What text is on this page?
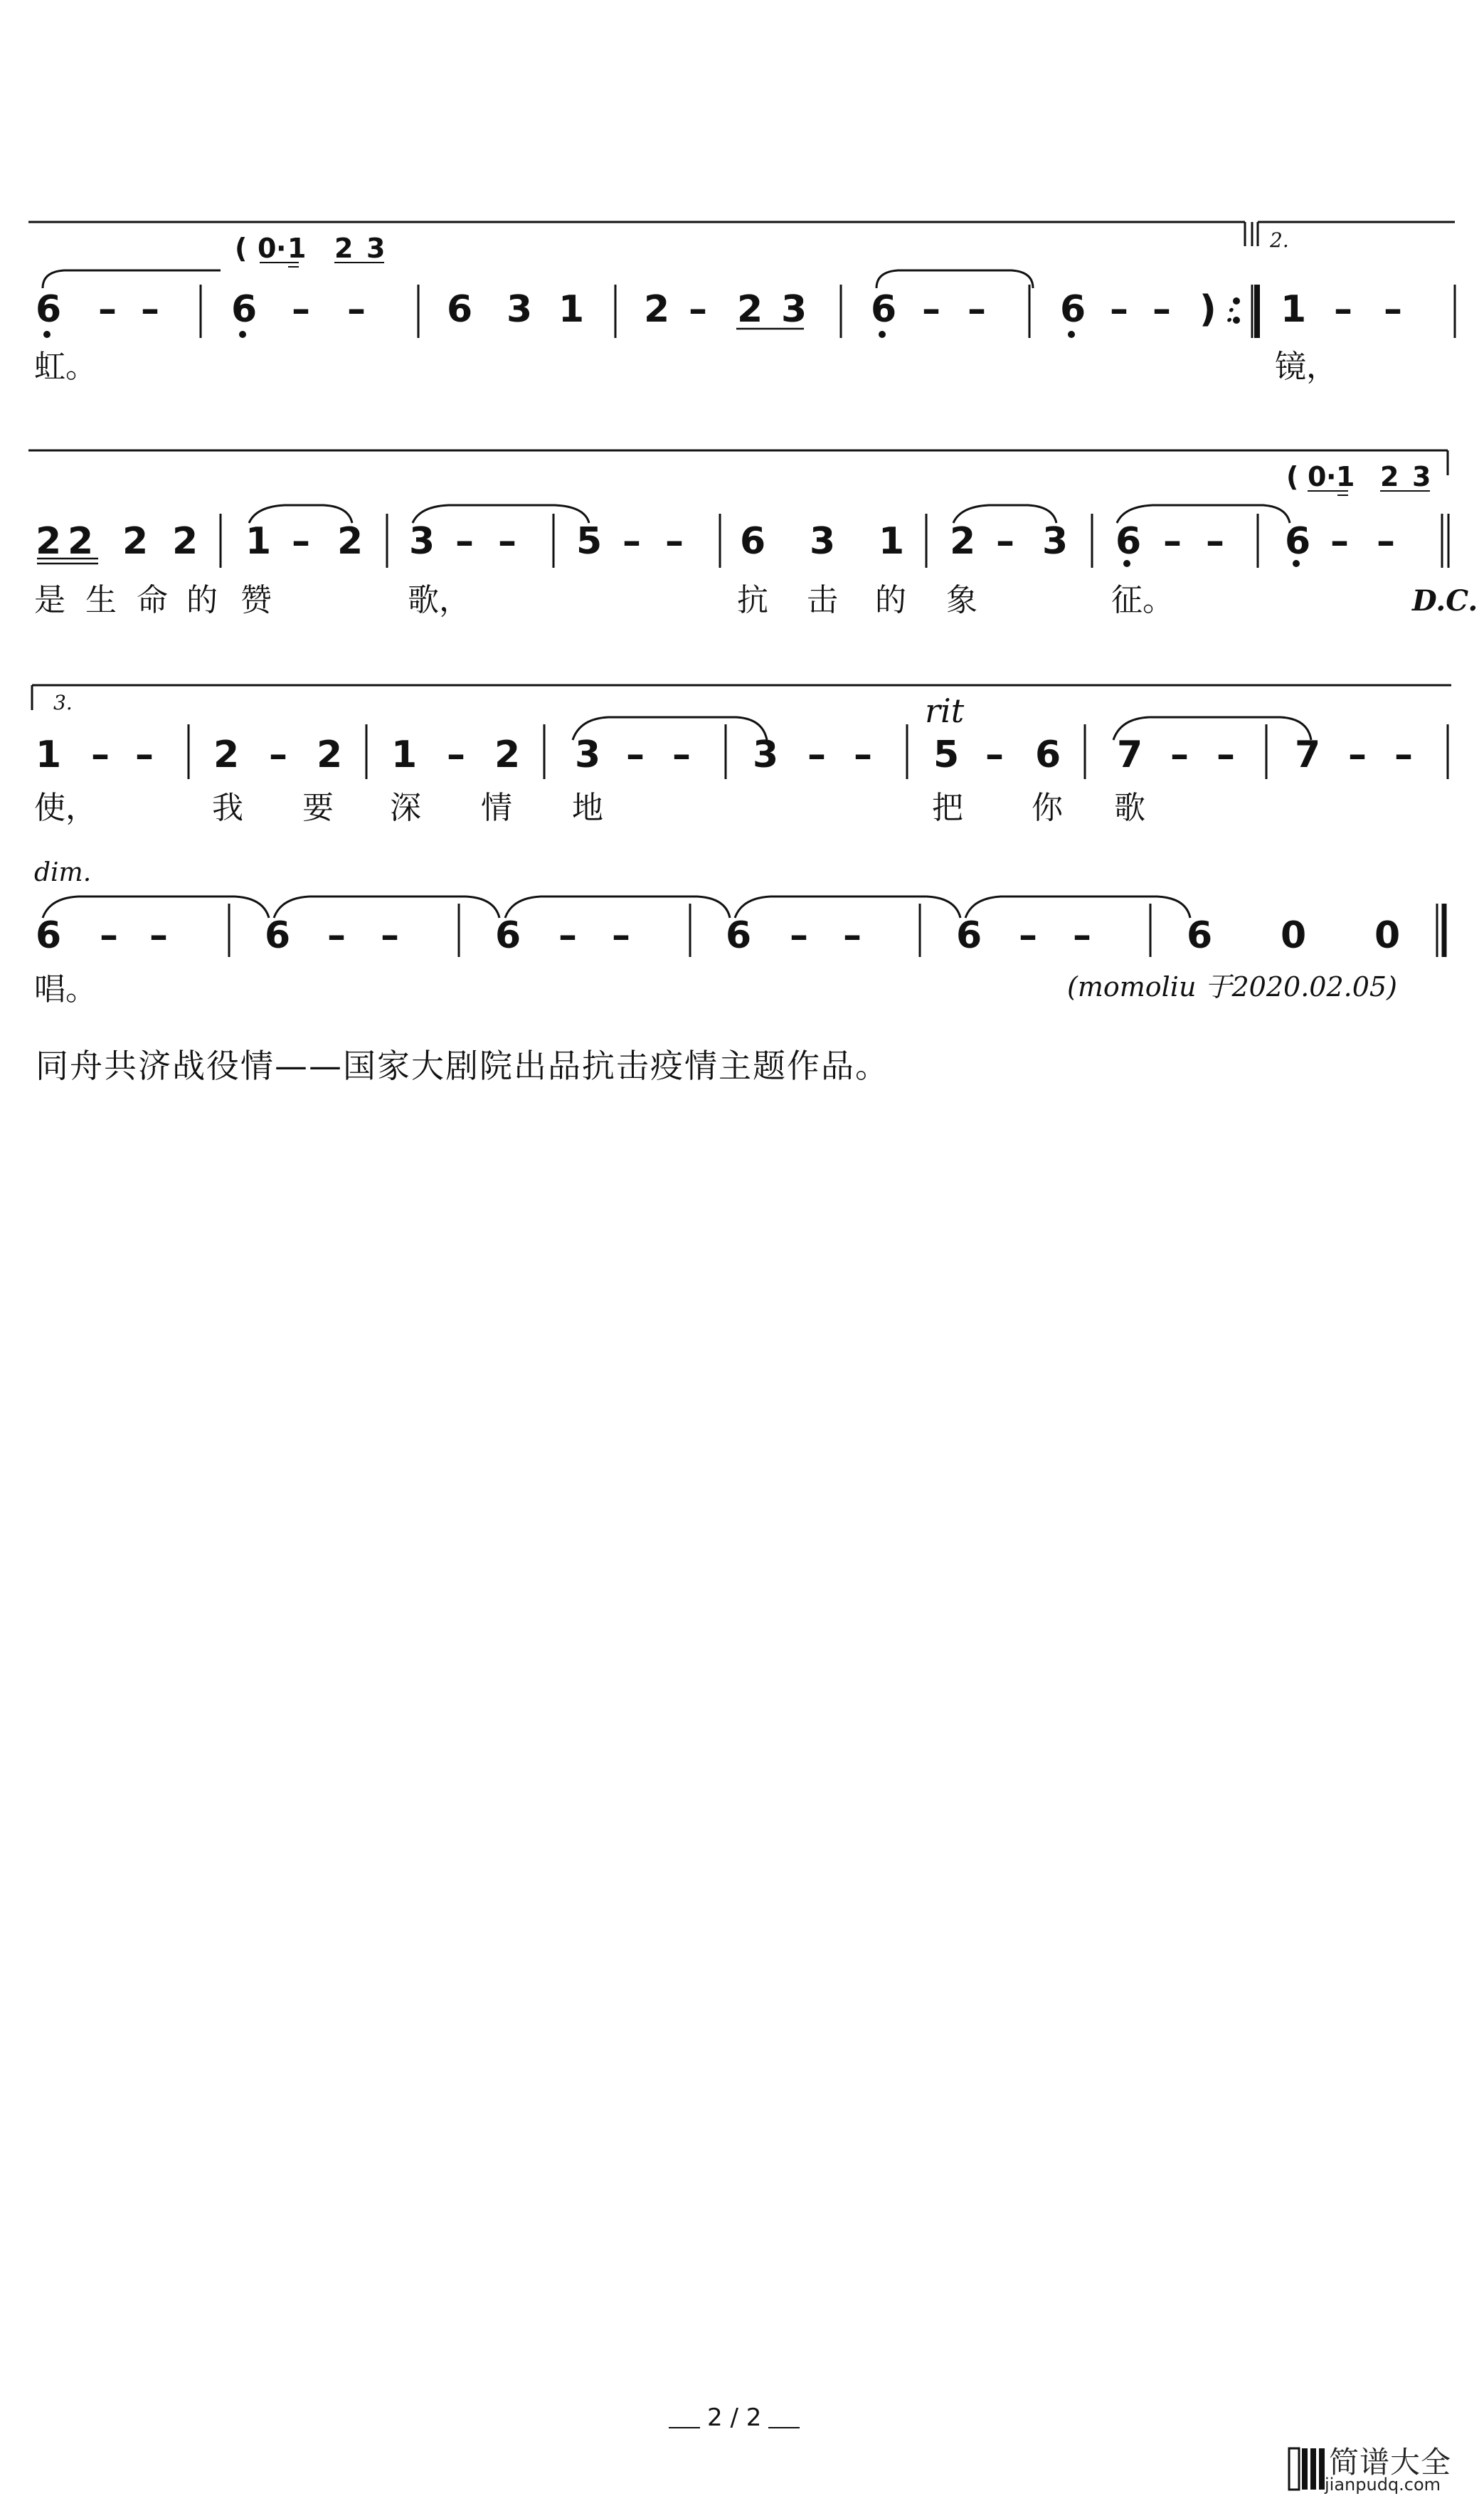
6 – – 6 – – 6 3 1 2 – 2 3 6 – – 6 – – ) : 1 – –
( 0 · 1 2 3	2.
虹。	镜，
2 2 2 2 1 – 2 3 – – 5 – – 6 3 1 2 – 3 6 – – 6 – –
( 0 · 1 2 3
是 生 命 的 赞	歌，	抗 击 的 象	征。	D.C.
3.	rit
1 – – 2 – 2 1 – 2 3 – – 3 – – 5 – 6 7 – – 7 – –
使，	我 要 深 情 地	把 你 歌
dim.
6 – –	6 – –	6 – –	6 – –	6 – –	6 0 0
唱。	(momoliu 于2020.02.05)
同舟共济战役情——国家大剧院出品抗击疫情主题作品。
2 / 2
简谱大全
jianpudq.com
